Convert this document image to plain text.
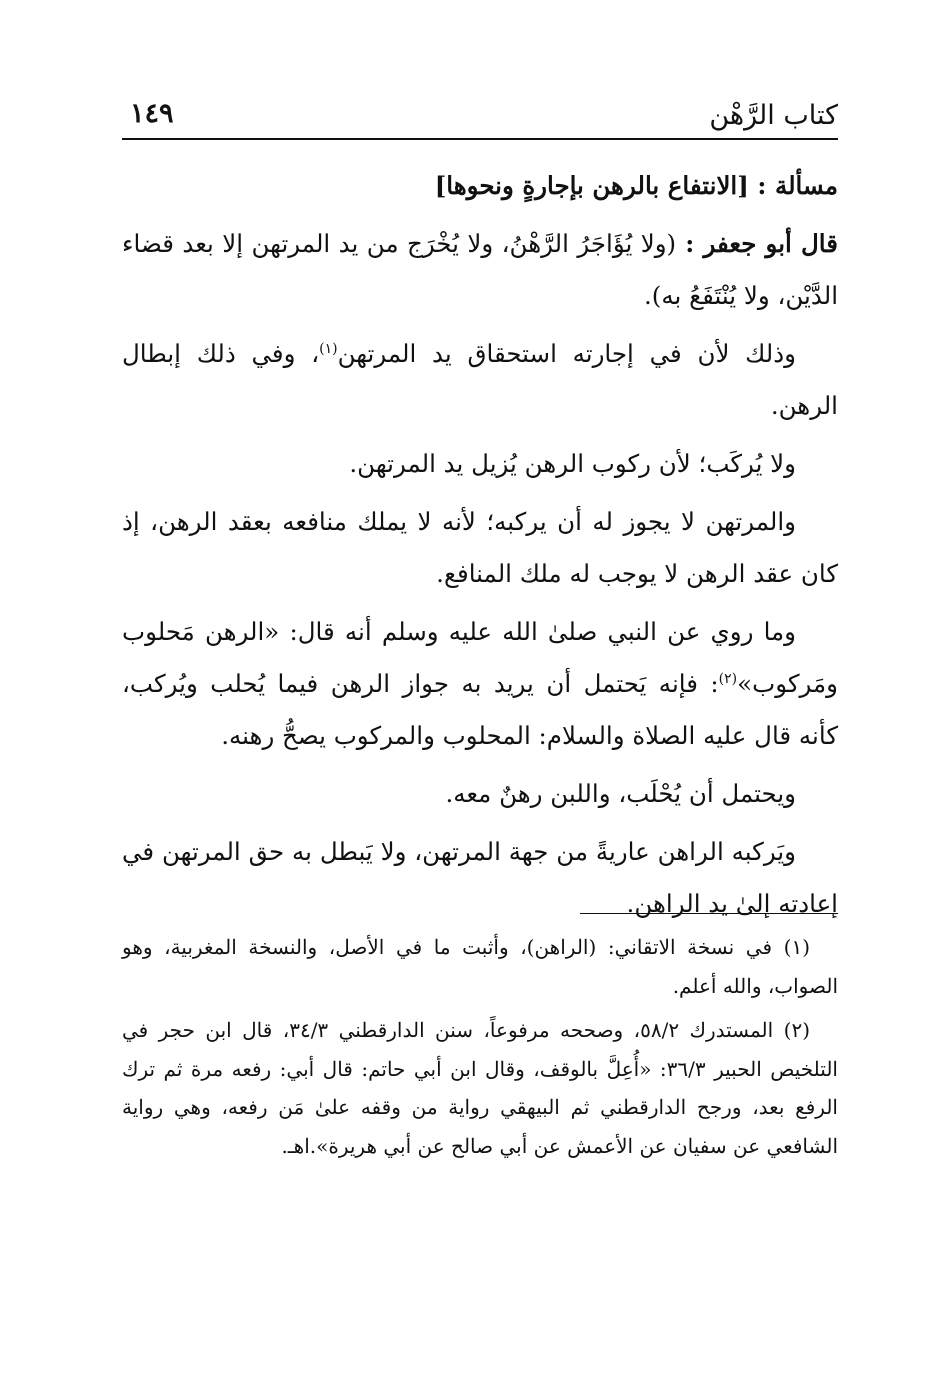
كتاب الرَّهْن
١٤٩

مسألة : [الانتفاع بالرهن بإجارةٍ ونحوها]

قال أبو جعفر : (ولا يُؤَاجَرُ الرَّهْنُ، ولا يُخْرَج من يد المرتهن إلا بعد قضاء الدَّيْن، ولا يُنْتَفَعُ به).

وذلك لأن في إجارته استحقاق يد المرتهن$^{(١)}$، وفي ذلك إبطال الرهن.

ولا يُركَب؛ لأن ركوب الرهن يُزيل يد المرتهن.

والمرتهن لا يجوز له أن يركبه؛ لأنه لا يملك منافعه بعقد الرهن، إذ كان عقد الرهن لا يوجب له ملك المنافع.

وما روي عن النبي صلىٰ الله عليه وسلم أنه قال: «الرهن مَحلوب ومَركوب»$^{(٢)}$: فإنه يَحتمل أن يريد به جواز الرهن فيما يُحلب ويُركب، كأنه قال عليه الصلاة والسلام: المحلوب والمركوب يصحُّ رهنه.

ويحتمل أن يُحْلَب، واللبن رهنٌ معه.

ويَركبه الراهن عاريةً من جهة المرتهن، ولا يَبطل به حق المرتهن في إعادته إلىٰ يد الراهن.

(١) في نسخة الاتقاني: (الراهن)، وأثبت ما في الأصل، والنسخة المغربية، وهو الصواب، والله أعلم.

(٢) المستدرك ٥٨/٢، وصححه مرفوعاً، سنن الدارقطني ٣٤/٣، قال ابن حجر في التلخيص الحبير ٣٦/٣: «أُعِلَّ بالوقف، وقال ابن أبي حاتم: قال أبي: رفعه مرة ثم ترك الرفع بعد، ورجح الدارقطني ثم البيهقي رواية من وقفه علىٰ مَن رفعه، وهي رواية الشافعي عن سفيان عن الأعمش عن أبي صالح عن أبي هريرة».اهـ.
